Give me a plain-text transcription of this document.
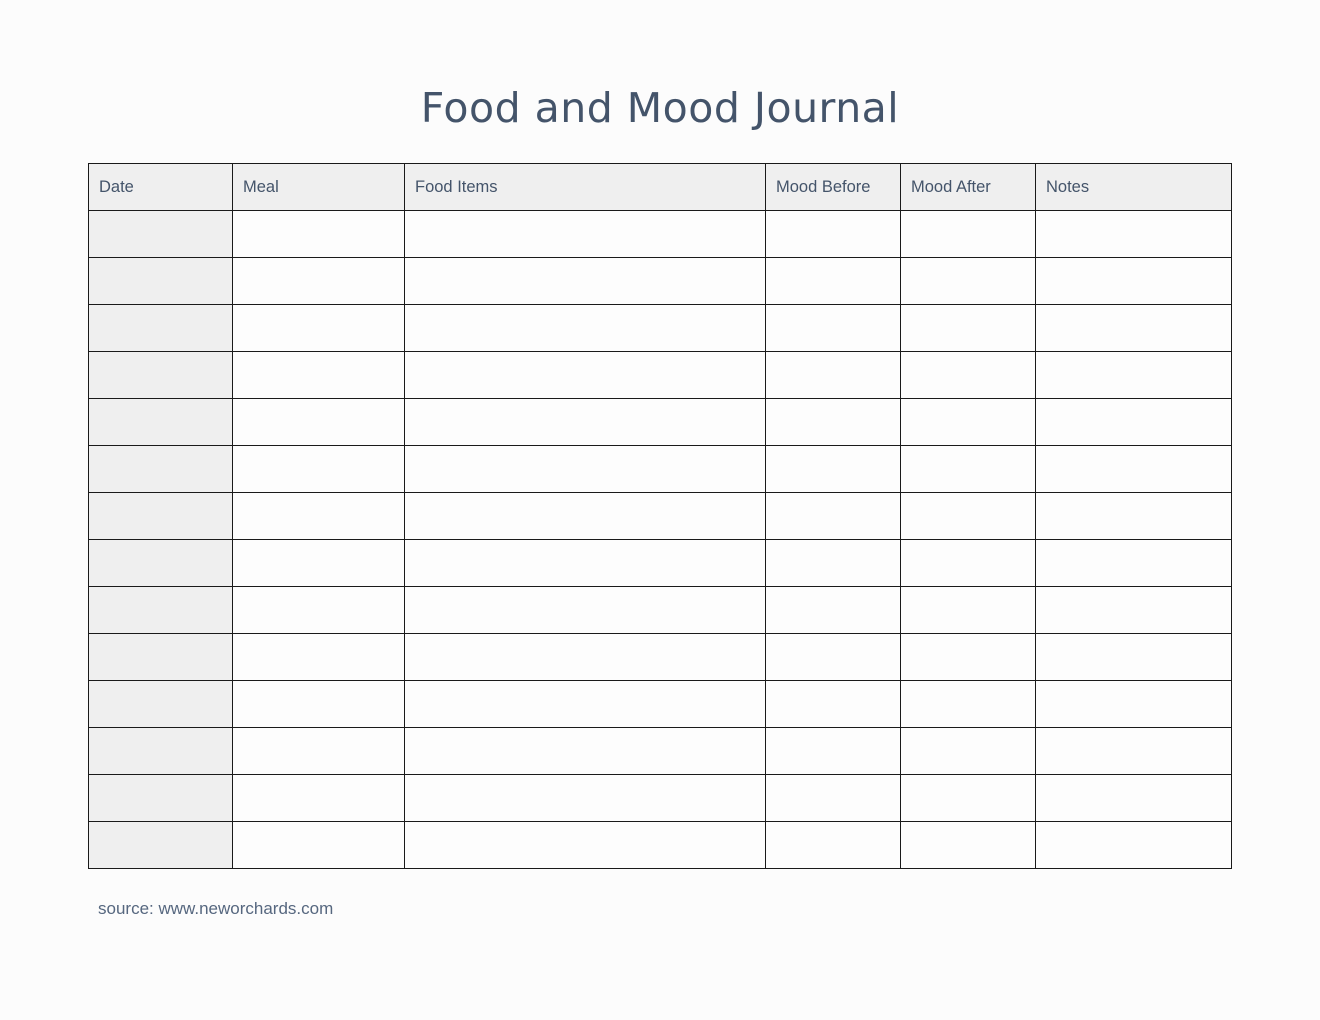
Food and Mood Journal
Date	Meal	Food Items	Mood Before	Mood After	Notes

source: www.neworchards.com
